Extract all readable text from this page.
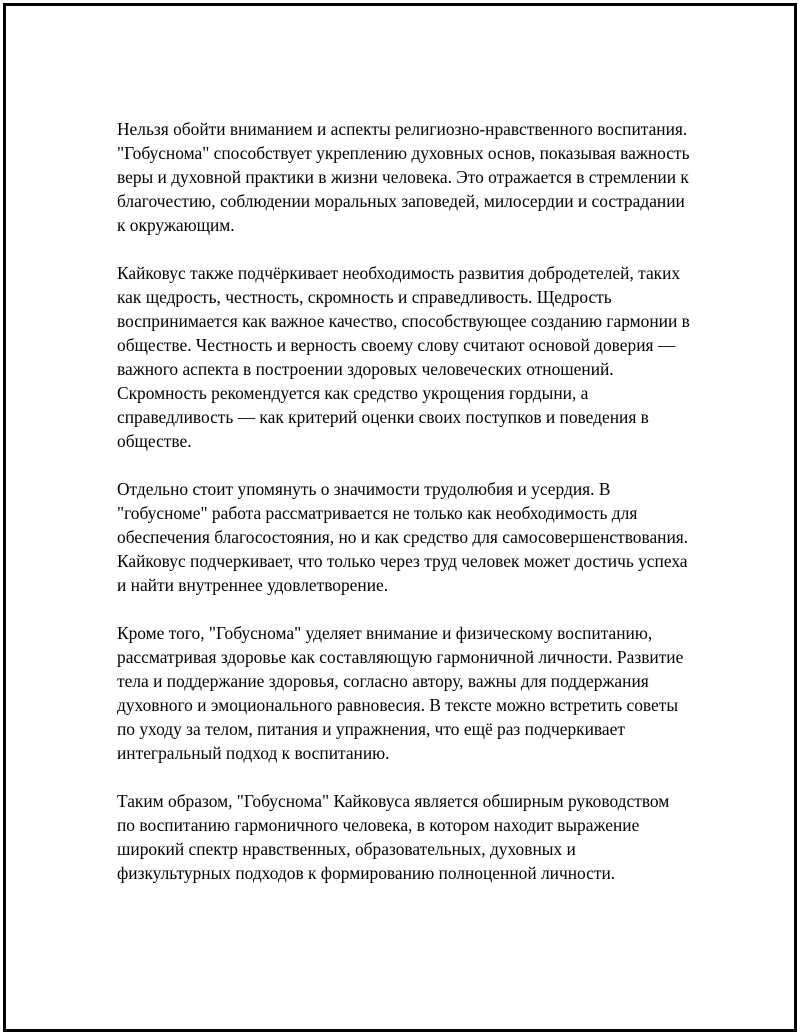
Нельзя обойти вниманием и аспекты религиозно-нравственного воспитания. "Гобуснома" способствует укреплению духовных основ, показывая важность веры и духовной практики в жизни человека. Это отражается в стремлении к благочестию, соблюдении моральных заповедей, милосердии и сострадании к окружающим.

Кайковус также подчёркивает необходимость развития добродетелей, таких как щедрость, честность, скромность и справедливость. Щедрость воспринимается как важное качество, способствующее созданию гармонии в обществе. Честность и верность своему слову считают основой доверия — важного аспекта в построении здоровых человеческих отношений. Скромность рекомендуется как средство укрощения гордыни, а справедливость — как критерий оценки своих поступков и поведения в обществе.

Отдельно стоит упомянуть о значимости трудолюбия и усердия. В "гобусноме" работа рассматривается не только как необходимость для обеспечения благосостояния, но и как средство для самосовершенствования. Кайковус подчеркивает, что только через труд человек может достичь успеха и найти внутреннее удовлетворение.

Кроме того, "Гобуснома" уделяет внимание и физическому воспитанию, рассматривая здоровье как составляющую гармоничной личности. Развитие тела и поддержание здоровья, согласно автору, важны для поддержания духовного и эмоционального равновесия. В тексте можно встретить советы по уходу за телом, питания и упражнения, что ещё раз подчеркивает интегральный подход к воспитанию.

Таким образом, "Гобуснома" Кайковуса является обширным руководством по воспитанию гармоничного человека, в котором находит выражение широкий спектр нравственных, образовательных, духовных и физкультурных подходов к формированию полноценной личности.
